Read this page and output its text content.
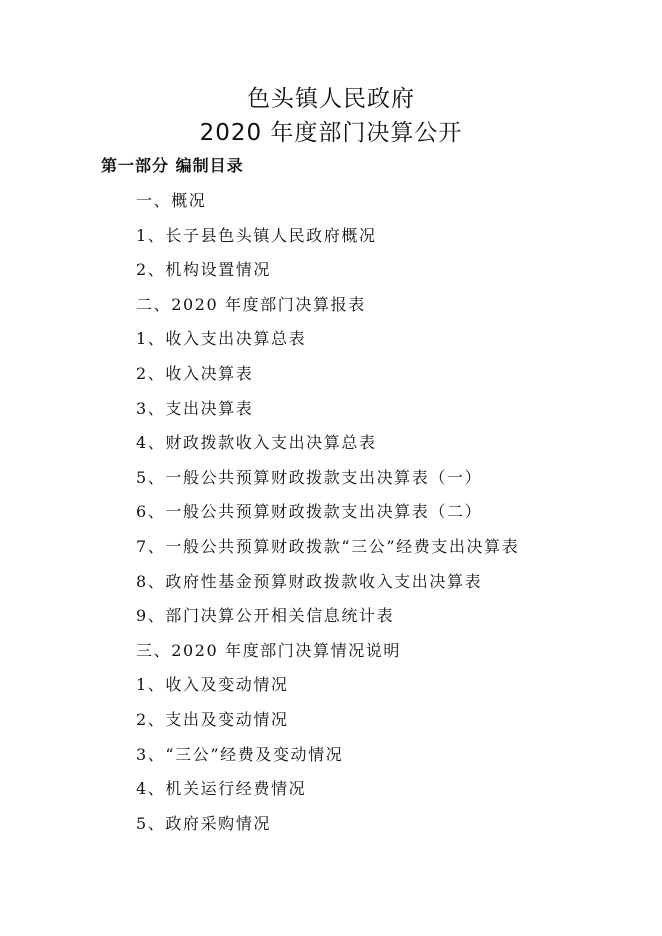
色头镇人民政府
2020 年度部门决算公开
第一部分 编制目录
一、概况
1、长子县色头镇人民政府概况
2、机构设置情况
二、2020 年度部门决算报表
1、收入支出决算总表
2、收入决算表
3、支出决算表
4、财政拨款收入支出决算总表
5、一般公共预算财政拨款支出决算表（一）
6、一般公共预算财政拨款支出决算表（二）
7、一般公共预算财政拨款“三公”经费支出决算表
8、政府性基金预算财政拨款收入支出决算表
9、部门决算公开相关信息统计表
三、2020 年度部门决算情况说明
1、收入及变动情况
2、支出及变动情况
3、“三公”经费及变动情况
4、机关运行经费情况
5、政府采购情况
